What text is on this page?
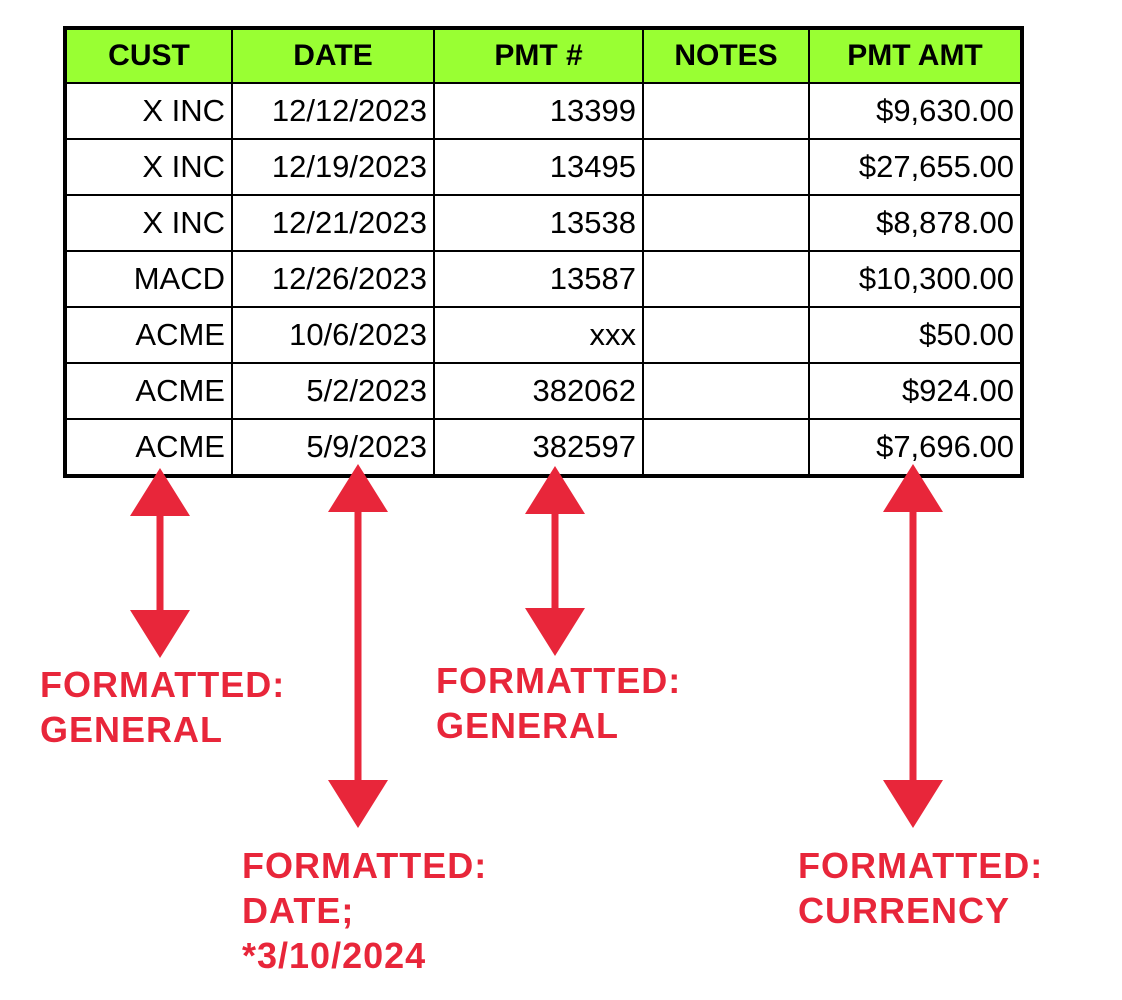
CUST	DATE	PMT #	NOTES	PMT AMT
X INC	12/12/2023	13399		$9,630.00
X INC	12/19/2023	13495		$27,655.00
X INC	12/21/2023	13538		$8,878.00
MACD	12/26/2023	13587		$10,300.00
ACME	10/6/2023	xxx		$50.00
ACME	5/2/2023	382062		$924.00
ACME	5/9/2023	382597		$7,696.00
FORMATTED:
GENERAL
FORMATTED:
GENERAL
FORMATTED:
DATE;
*3/10/2024
FORMATTED:
CURRENCY
